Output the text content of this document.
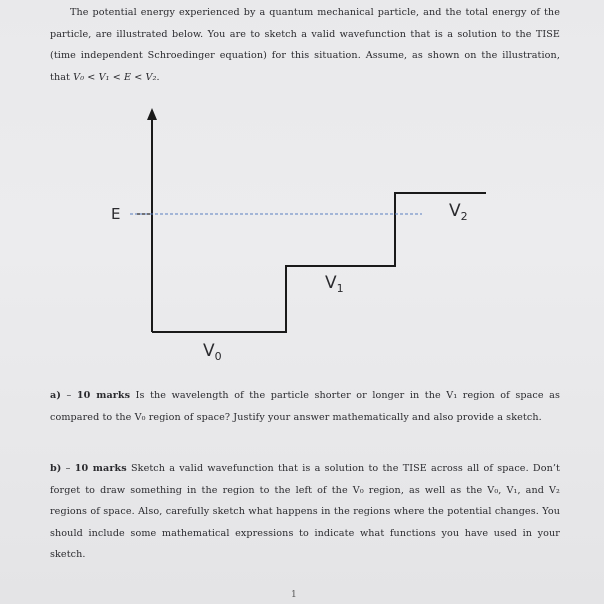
The potential energy experienced by a quantum mechanical particle, and the total energy of the particle, are illustrated below. You are to sketch a valid wavefunction that is a solution to the TISE (time independent Schroedinger equation) for this situation. Assume, as shown on the illustration, that V₀ < V₁ < E < V₂.
E
$V_0$
$V_1$
$V_2$
a) – 10 marks Is the wavelength of the particle shorter or longer in the V₁ region of space as compared to the V₀ region of space? Justify your answer mathematically and also provide a sketch.
b) – 10 marks Sketch a valid wavefunction that is a solution to the TISE across all of space. Don’t forget to draw something in the region to the left of the V₀ region, as well as the V₀, V₁, and V₂ regions of space. Also, carefully sketch what happens in the regions where the potential changes. You should include some mathematical expressions to indicate what functions you have used in your sketch.
1
